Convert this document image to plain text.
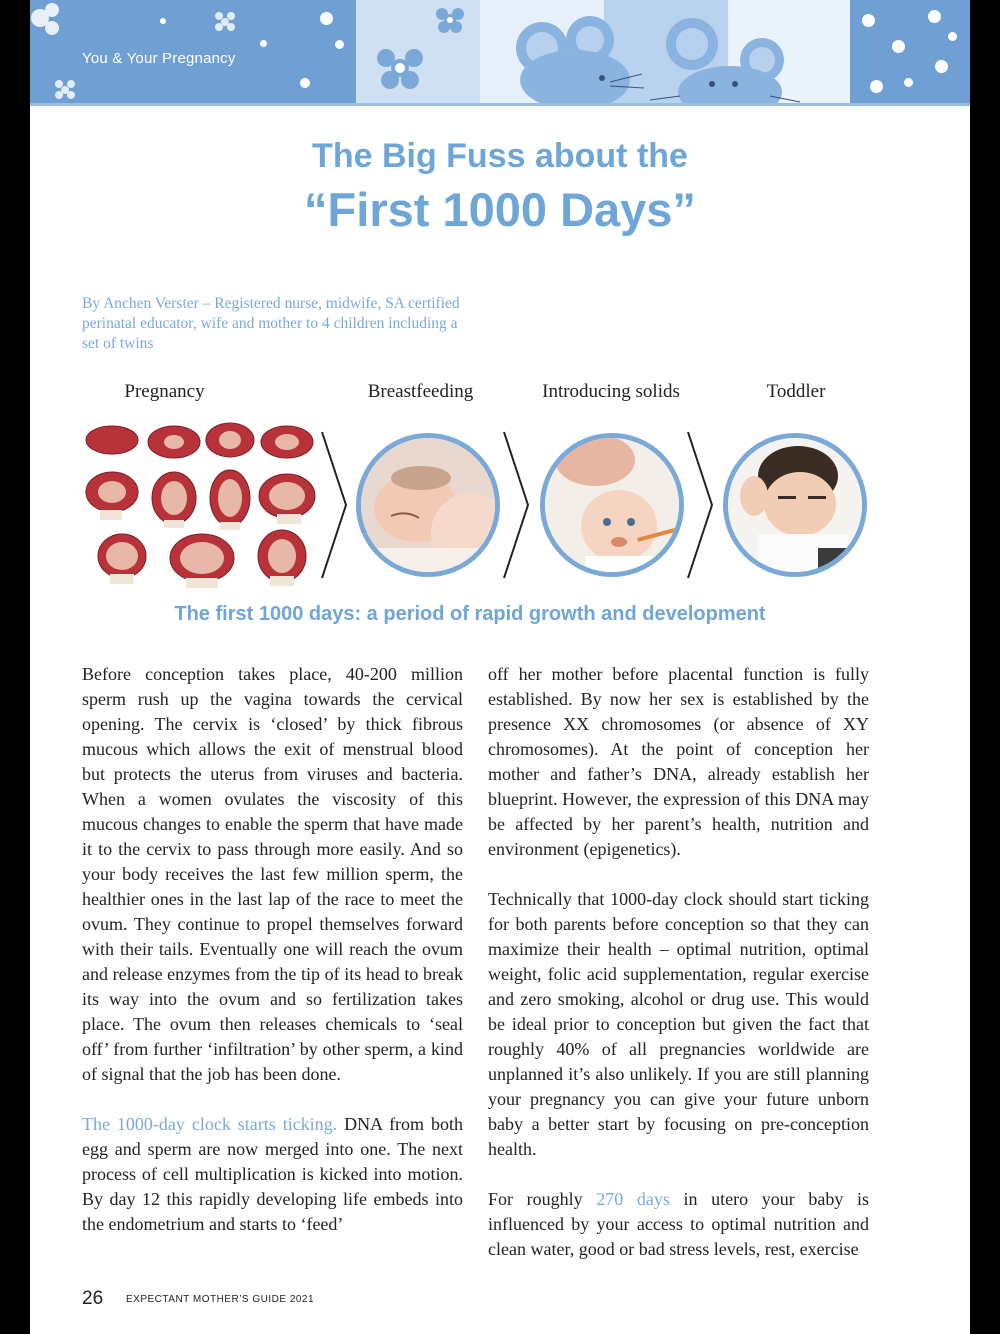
You & Your Pregnancy
The Big Fuss about the
“First 1000 Days”
By Anchen Verster – Registered nurse, midwife, SA certified perinatal educator, wife and mother to 4 children including a set of twins
Pregnancy	Breastfeeding	Introducing solids	Toddler
The first 1000 days: a period of rapid growth and development

Before conception takes place, 40-200 million sperm rush up the vagina towards the cervical opening. The cervix is ‘closed’ by thick fibrous mucous which allows the exit of menstrual blood but protects the uterus from viruses and bacteria. When a women ovulates the viscosity of this mucous changes to enable the sperm that have made it to the cervix to pass through more easily. And so your body receives the last few million sperm, the healthier ones in the last lap of the race to meet the ovum. They continue to propel themselves forward with their tails. Eventually one will reach the ovum and release enzymes from the tip of its head to break its way into the ovum and so fertilization takes place. The ovum then releases chemicals to ‘seal off’ from further ‘infiltration’ by other sperm, a kind of signal that the job has been done.

The 1000-day clock starts ticking. DNA from both egg and sperm are now merged into one. The next process of cell multiplication is kicked into motion. By day 12 this rapidly developing life embeds into the endometrium and starts to ‘feed’

off her mother before placental function is fully established. By now her sex is established by the presence XX chromosomes (or absence of XY chromosomes). At the point of conception her mother and father’s DNA, already establish her blueprint. However, the expression of this DNA may be affected by her parent’s health, nutrition and environment (epigenetics).

Technically that 1000-day clock should start ticking for both parents before conception so that they can maximize their health – optimal nutrition, optimal weight, folic acid supplementation, regular exercise and zero smoking, alcohol or drug use. This would be ideal prior to conception but given the fact that roughly 40% of all pregnancies worldwide are unplanned it’s also unlikely. If you are still planning your pregnancy you can give your future unborn baby a better start by focusing on pre-conception health.

For roughly 270 days in utero your baby is influenced by your access to optimal nutrition and clean water, good or bad stress levels, rest, exercise

26 EXPECTANT MOTHER’S GUIDE 2021
